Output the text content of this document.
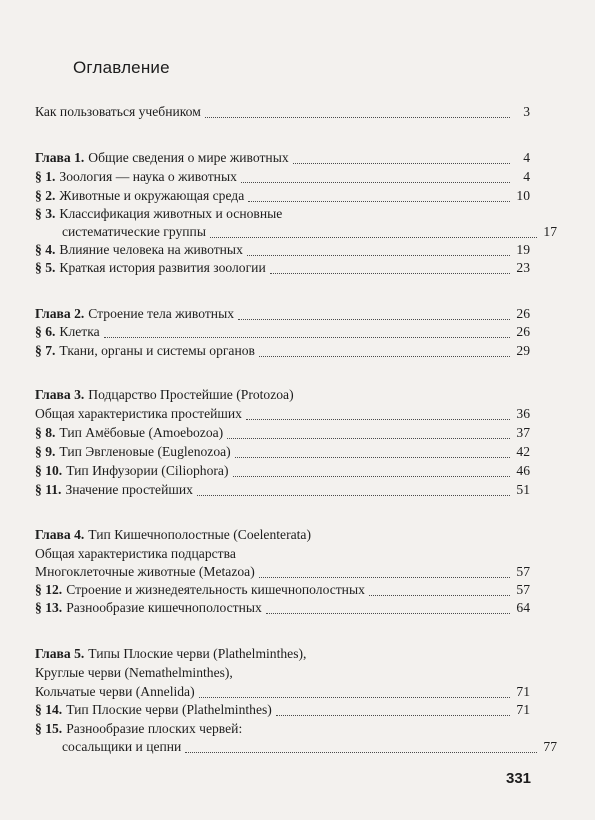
Оглавление
Как пользоваться учебником	3
Глава 1. Общие сведения о мире животных	4
§ 1. Зоология — наука о животных	4
§ 2. Животные и окружающая среда	10
§ 3. Классификация животных и основные
систематические группы	17
§ 4. Влияние человека на животных	19
§ 5. Краткая история развития зоологии	23
Глава 2. Строение тела животных	26
§ 6. Клетка	26
§ 7. Ткани, органы и системы органов	29
Глава 3. Подцарство Простейшие (Protozoa)
Общая характеристика простейших	36
§ 8. Тип Амёбовые (Amoebozoa)	37
§ 9. Тип Эвгленовые (Euglenozoa)	42
§ 10. Тип Инфузории (Ciliophora)	46
§ 11. Значение простейших	51
Глава 4. Тип Кишечнополостные (Coelenterata)
Общая характеристика подцарства
Многоклеточные животные (Metazoa)	57
§ 12. Строение и жизнедеятельность кишечнополостных	57
§ 13. Разнообразие кишечнополостных	64
Глава 5. Типы Плоские черви (Plathelminthes),
Круглые черви (Nemathelminthes),
Кольчатые черви (Annelida)	71
§ 14. Тип Плоские черви (Plathelminthes)	71
§ 15. Разнообразие плоских червей:
сосальщики и цепни	77
331
